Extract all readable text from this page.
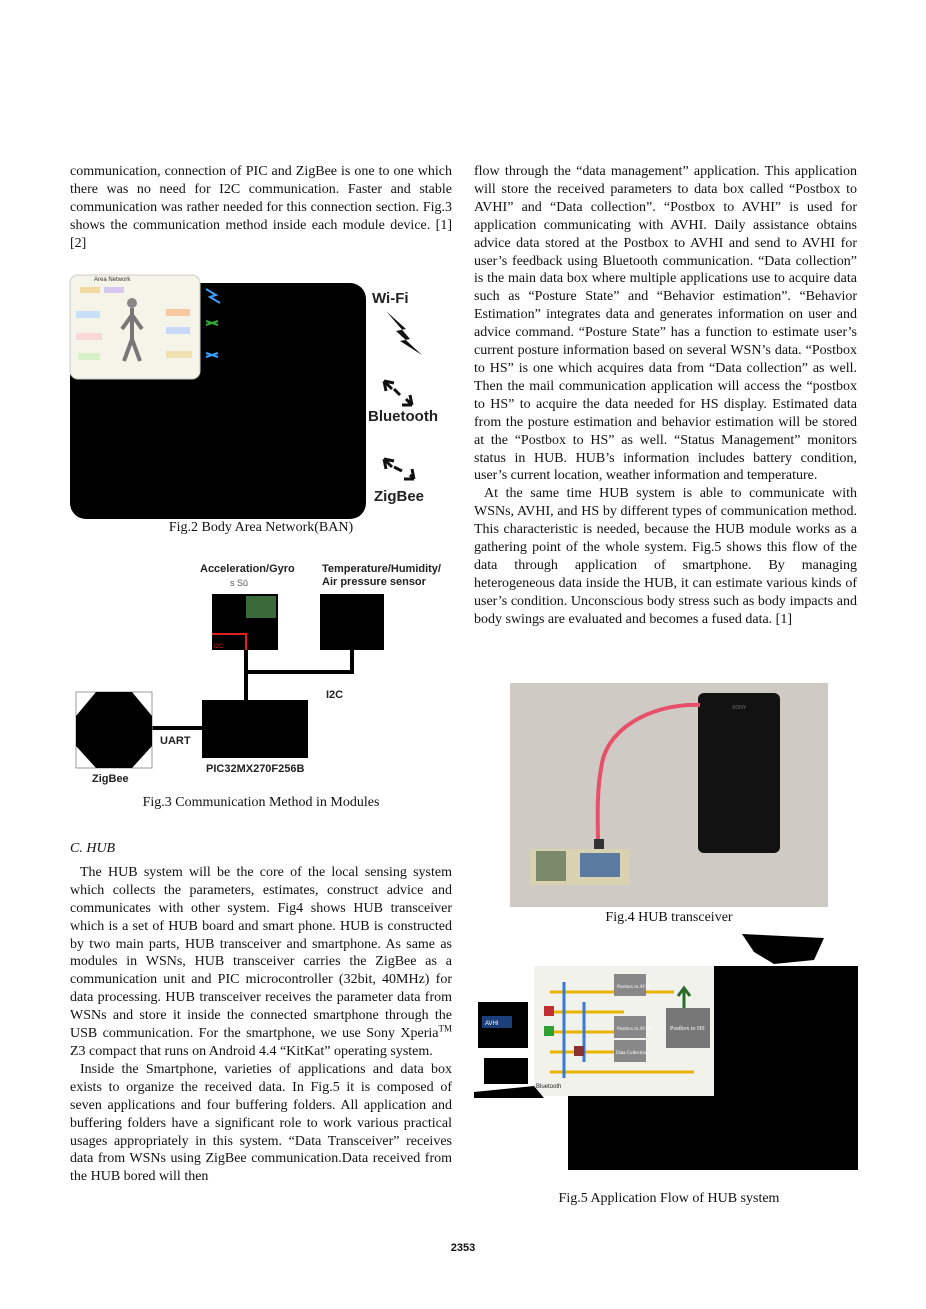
communication, connection of PIC and ZigBee is one to one which there was no need for I2C communication. Faster and stable communication was rather needed for this connection section. Fig.3 shows the communication method inside each module device. [1][2]

Area Network
Wi-Fi
Bluetooth
ZigBee
Fig.2 Body Area Network(BAN)
Acceleration/Gyro
s Sŭ
Temperature/Humidity/
Air pressure sensor
I2C
I2C
UART
PIC32MX270F256B
ZigBee
Fig.3 Communication Method in Modules

C. HUB

The HUB system will be the core of the local sensing system which collects the parameters, estimates, construct advice and communicates with other system. Fig4 shows HUB transceiver which is a set of HUB board and smart phone. HUB is constructed by two main parts, HUB transceiver and smartphone. As same as modules in WSNs, HUB transceiver carries the ZigBee as a communication unit and PIC microcontroller (32bit, 40MHz) for data processing. HUB transceiver receives the parameter data from WSNs and store it inside the connected smartphone through the USB communication. For the smartphone, we use Sony Xperia™ Z3 compact that runs on Android 4.4 “KitKat” operating system.

Inside the Smartphone, varieties of applications and data box exists to organize the received data. In Fig.5 it is composed of seven applications and four buffering folders. All application and buffering folders have a significant role to work various practical usages appropriately in this system. “Data Transceiver” receives data from WSNs using ZigBee communication.Data received from the HUB bored will then

flow through the “data management” application. This application will store the received parameters to data box called “Postbox to AVHI” and “Data collection”. “Postbox to AVHI” is used for application communicating with AVHI. Daily assistance obtains advice data stored at the Postbox to AVHI and send to AVHI for user’s feedback using Bluetooth communication. “Data collection” is the main data box where multiple applications use to acquire data such as “Posture State” and “Behavior estimation”. “Behavior Estimation” integrates data and generates information on user and advice command. “Posture State” has a function to estimate user’s current posture information based on several WSN’s data. “Postbox to HS” is one which acquires data from “Data collection” as well. Then the mail communication application will access the “postbox to HS” to acquire the data needed for HS display. Estimated data from the posture estimation and behavior estimation will be stored at the “Postbox to HS” as well. “Status Management” monitors status in HUB. HUB’s information includes battery condition, user’s current location, weather information and temperature.

At the same time HUB system is able to communicate with WSNs, AVHI, and HS by different types of communication method. This characteristic is needed, because the HUB module works as a gathering point of the whole system. Fig.5 shows this flow of the data through application of smartphone. By managing heterogeneous data inside the HUB, it can estimate various kinds of user’s condition. Unconscious body stress such as body impacts and body swings are evaluated and becomes a fused data. [1]

SONY
Fig.4 HUB transceiver
AVHI
Bluetooth
Postbox to AVHI
Postbox to AVHI
Data Collection
Postbox to HS
Fig.5 Application Flow of HUB system
2353
